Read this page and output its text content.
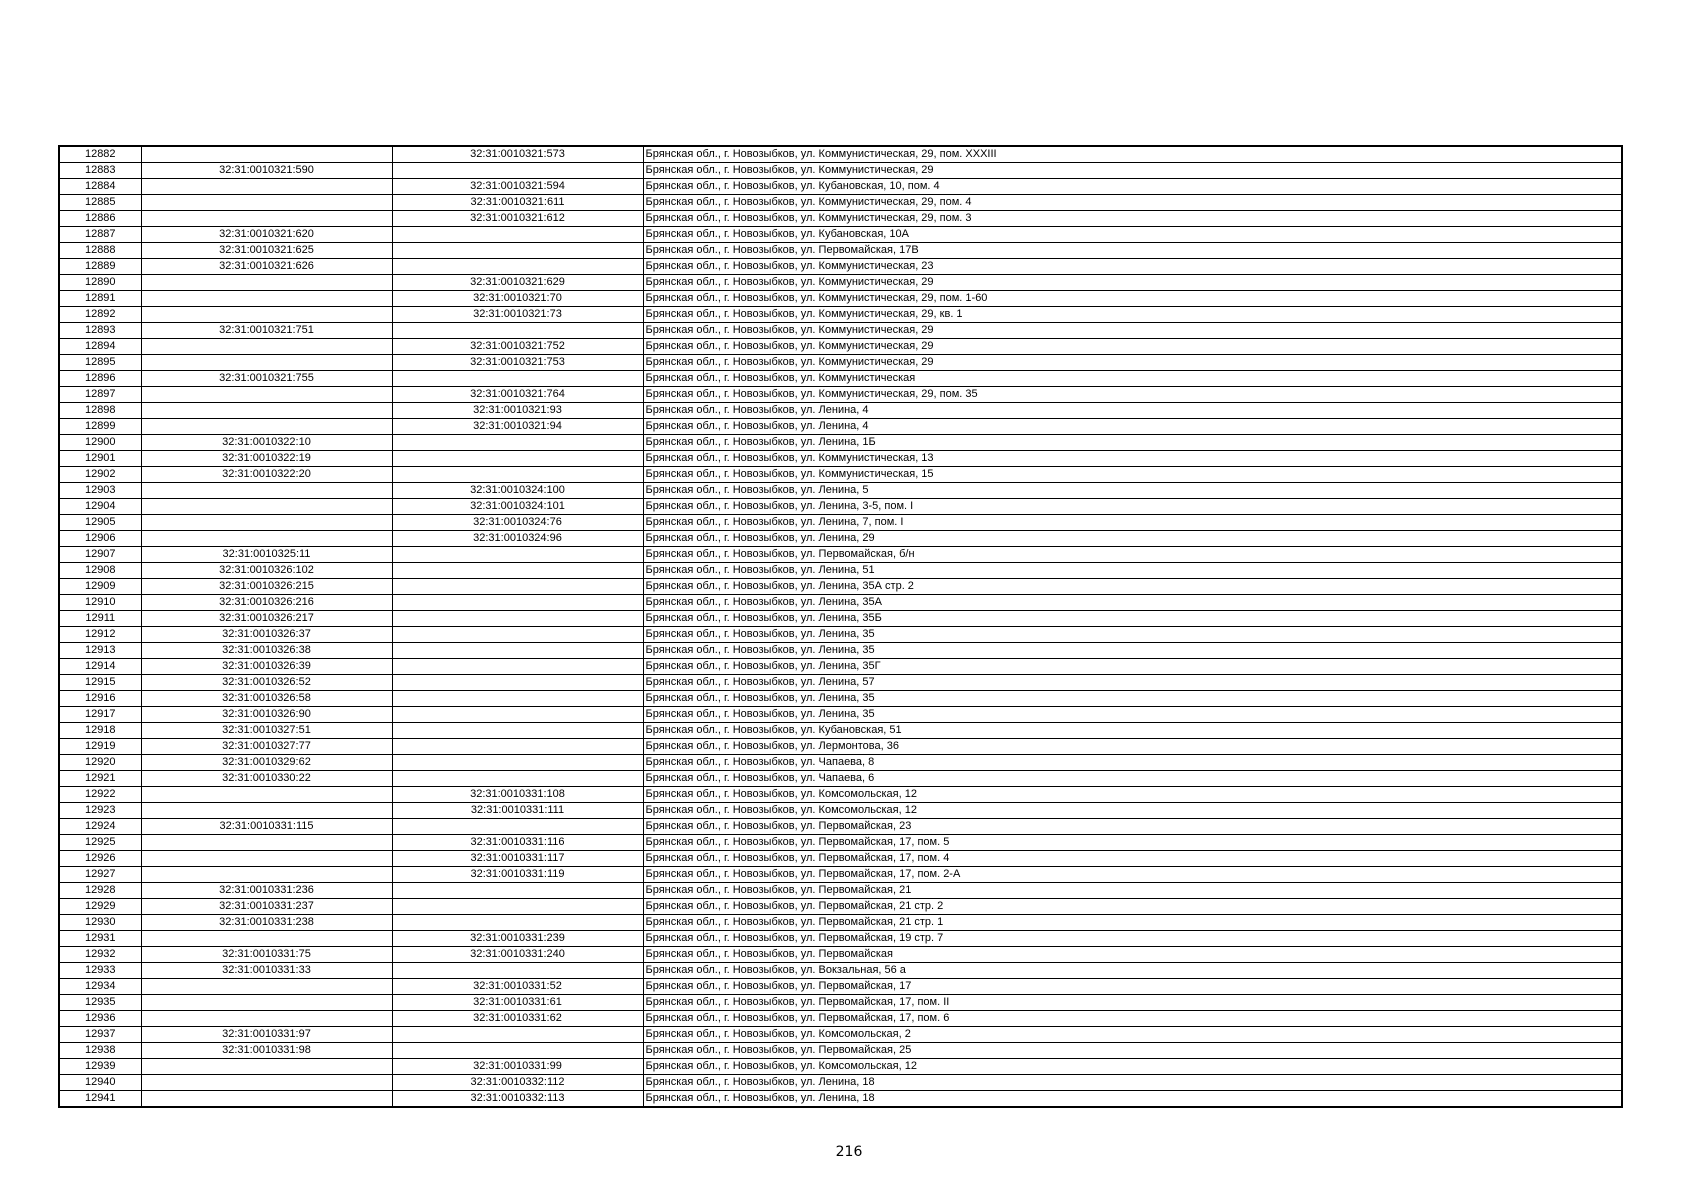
12882		32:31:0010321:573	Брянская обл., г. Новозыбков, ул. Коммунистическая, 29, пом. XXXIII
12883	32:31:0010321:590		Брянская обл., г. Новозыбков, ул. Коммунистическая, 29
12884		32:31:0010321:594	Брянская обл., г. Новозыбков, ул. Кубановская, 10, пом. 4
12885		32:31:0010321:611	Брянская обл., г. Новозыбков, ул. Коммунистическая, 29, пом. 4
12886		32:31:0010321:612	Брянская обл., г. Новозыбков, ул. Коммунистическая, 29, пом. 3
12887	32:31:0010321:620		Брянская обл., г. Новозыбков, ул. Кубановская, 10А
12888	32:31:0010321:625		Брянская обл., г. Новозыбков, ул. Первомайская, 17В
12889	32:31:0010321:626		Брянская обл., г. Новозыбков, ул. Коммунистическая, 23
12890		32:31:0010321:629	Брянская обл., г. Новозыбков, ул. Коммунистическая, 29
12891		32:31:0010321:70	Брянская обл., г. Новозыбков, ул. Коммунистическая, 29, пом. 1-60
12892		32:31:0010321:73	Брянская обл., г. Новозыбков, ул. Коммунистическая, 29, кв. 1
12893	32:31:0010321:751		Брянская обл., г. Новозыбков, ул. Коммунистическая, 29
12894		32:31:0010321:752	Брянская обл., г. Новозыбков, ул. Коммунистическая, 29
12895		32:31:0010321:753	Брянская обл., г. Новозыбков, ул. Коммунистическая, 29
12896	32:31:0010321:755		Брянская обл., г. Новозыбков, ул. Коммунистическая
12897		32:31:0010321:764	Брянская обл., г. Новозыбков, ул. Коммунистическая, 29, пом. 35
12898		32:31:0010321:93	Брянская обл., г. Новозыбков, ул. Ленина, 4
12899		32:31:0010321:94	Брянская обл., г. Новозыбков, ул. Ленина, 4
12900	32:31:0010322:10		Брянская обл., г. Новозыбков, ул. Ленина, 1Б
12901	32:31:0010322:19		Брянская обл., г. Новозыбков, ул. Коммунистическая, 13
12902	32:31:0010322:20		Брянская обл., г. Новозыбков, ул. Коммунистическая, 15
12903		32:31:0010324:100	Брянская обл., г. Новозыбков, ул. Ленина, 5
12904		32:31:0010324:101	Брянская обл., г. Новозыбков, ул. Ленина, 3-5, пом. I
12905		32:31:0010324:76	Брянская обл., г. Новозыбков, ул. Ленина, 7, пом. I
12906		32:31:0010324:96	Брянская обл., г. Новозыбков, ул. Ленина, 29
12907	32:31:0010325:11		Брянская обл., г. Новозыбков, ул. Первомайская, б/н
12908	32:31:0010326:102		Брянская обл., г. Новозыбков, ул. Ленина, 51
12909	32:31:0010326:215		Брянская обл., г. Новозыбков, ул. Ленина, 35А стр. 2
12910	32:31:0010326:216		Брянская обл., г. Новозыбков, ул. Ленина, 35А
12911	32:31:0010326:217		Брянская обл., г. Новозыбков, ул. Ленина, 35Б
12912	32:31:0010326:37		Брянская обл., г. Новозыбков, ул. Ленина, 35
12913	32:31:0010326:38		Брянская обл., г. Новозыбков, ул. Ленина, 35
12914	32:31:0010326:39		Брянская обл., г. Новозыбков, ул. Ленина, 35Г
12915	32:31:0010326:52		Брянская обл., г. Новозыбков, ул. Ленина, 57
12916	32:31:0010326:58		Брянская обл., г. Новозыбков, ул. Ленина, 35
12917	32:31:0010326:90		Брянская обл., г. Новозыбков, ул. Ленина, 35
12918	32:31:0010327:51		Брянская обл., г. Новозыбков, ул. Кубановская, 51
12919	32:31:0010327:77		Брянская обл., г. Новозыбков, ул. Лермонтова, 36
12920	32:31:0010329:62		Брянская обл., г. Новозыбков, ул. Чапаева, 8
12921	32:31:0010330:22		Брянская обл., г. Новозыбков, ул. Чапаева, 6
12922		32:31:0010331:108	Брянская обл., г. Новозыбков, ул. Комсомольская, 12
12923		32:31:0010331:111	Брянская обл., г. Новозыбков, ул. Комсомольская, 12
12924	32:31:0010331:115		Брянская обл., г. Новозыбков, ул. Первомайская, 23
12925		32:31:0010331:116	Брянская обл., г. Новозыбков, ул. Первомайская, 17, пом. 5
12926		32:31:0010331:117	Брянская обл., г. Новозыбков, ул. Первомайская, 17, пом. 4
12927		32:31:0010331:119	Брянская обл., г. Новозыбков, ул. Первомайская, 17, пом. 2-А
12928	32:31:0010331:236		Брянская обл., г. Новозыбков, ул. Первомайская, 21
12929	32:31:0010331:237		Брянская обл., г. Новозыбков, ул. Первомайская, 21 стр. 2
12930	32:31:0010331:238		Брянская обл., г. Новозыбков, ул. Первомайская, 21 стр. 1
12931		32:31:0010331:239	Брянская обл., г. Новозыбков, ул. Первомайская, 19 стр. 7
12932	32:31:0010331:75	32:31:0010331:240	Брянская обл., г. Новозыбков, ул. Первомайская
12933	32:31:0010331:33		Брянская обл., г. Новозыбков, ул. Вокзальная, 56 а
12934		32:31:0010331:52	Брянская обл., г. Новозыбков, ул. Первомайская, 17
12935		32:31:0010331:61	Брянская обл., г. Новозыбков, ул. Первомайская, 17, пом. II
12936		32:31:0010331:62	Брянская обл., г. Новозыбков, ул. Первомайская, 17, пом. 6
12937	32:31:0010331:97		Брянская обл., г. Новозыбков, ул. Комсомольская, 2
12938	32:31:0010331:98		Брянская обл., г. Новозыбков, ул. Первомайская, 25
12939		32:31:0010331:99	Брянская обл., г. Новозыбков, ул. Комсомольская, 12
12940		32:31:0010332:112	Брянская обл., г. Новозыбков, ул. Ленина, 18
12941		32:31:0010332:113	Брянская обл., г. Новозыбков, ул. Ленина, 18
216
